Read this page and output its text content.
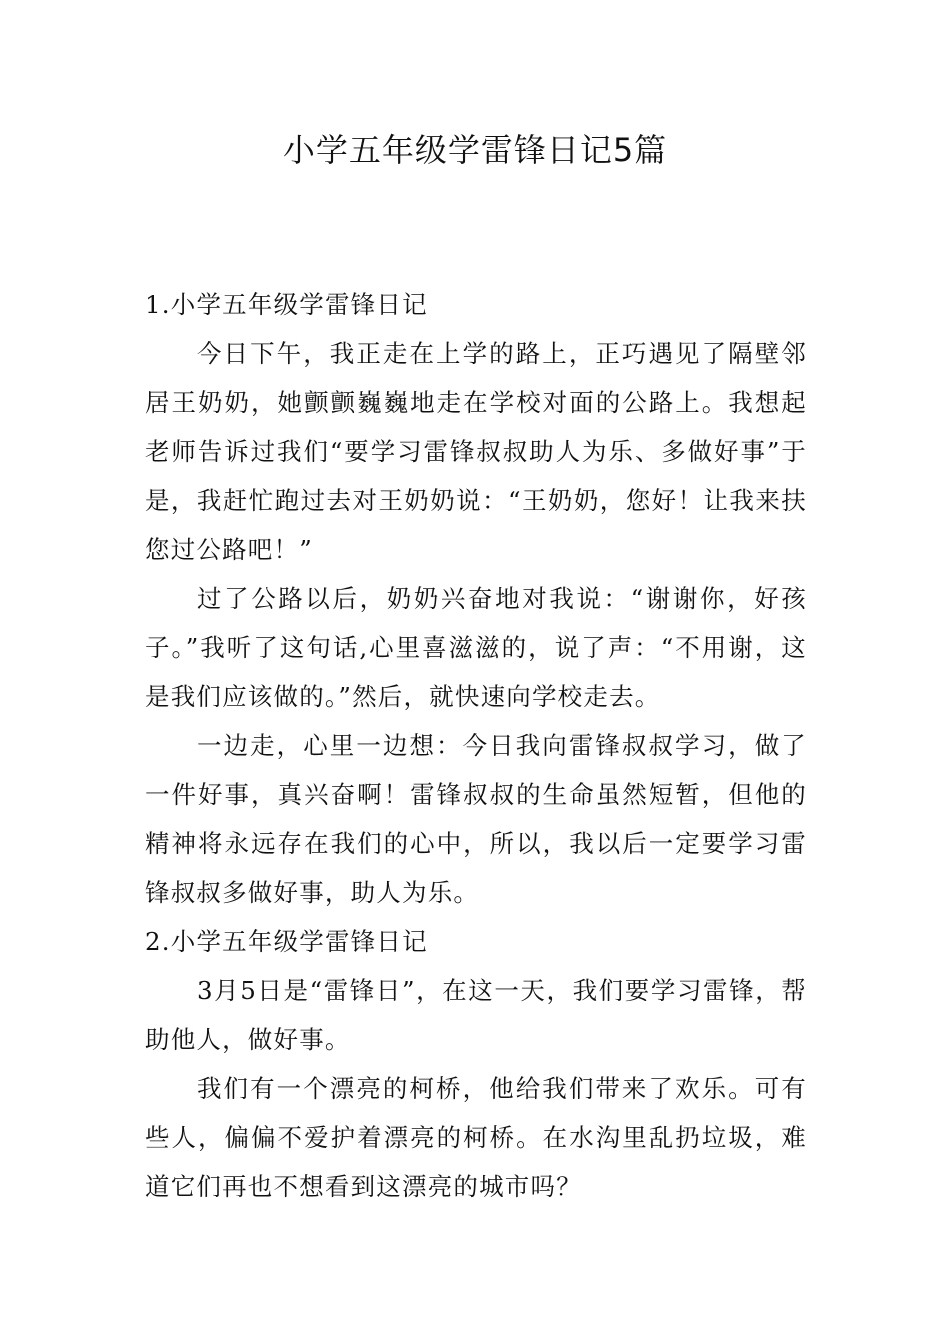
小学五年级学雷锋日记5篇

1.小学五年级学雷锋日记

今日下午，我正走在上学的路上，正巧遇见了隔壁邻居王奶奶，她颤颤巍巍地走在学校对面的公路上。我想起老师告诉过我们“要学习雷锋叔叔助人为乐、多做好事”于是，我赶忙跑过去对王奶奶说：“王奶奶，您好！让我来扶您过公路吧！”

过了公路以后，奶奶兴奋地对我说：“谢谢你，好孩子。”我听了这句话,心里喜滋滋的，说了声：“不用谢，这是我们应该做的。”然后，就快速向学校走去。

一边走，心里一边想：今日我向雷锋叔叔学习，做了一件好事，真兴奋啊！雷锋叔叔的生命虽然短暂，但他的精神将永远存在我们的心中，所以，我以后一定要学习雷锋叔叔多做好事，助人为乐。

2.小学五年级学雷锋日记

3月5日是“雷锋日”，在这一天，我们要学习雷锋，帮助他人，做好事。

我们有一个漂亮的柯桥，他给我们带来了欢乐。可有些人，偏偏不爱护着漂亮的柯桥。在水沟里乱扔垃圾，难道它们再也不想看到这漂亮的城市吗？
